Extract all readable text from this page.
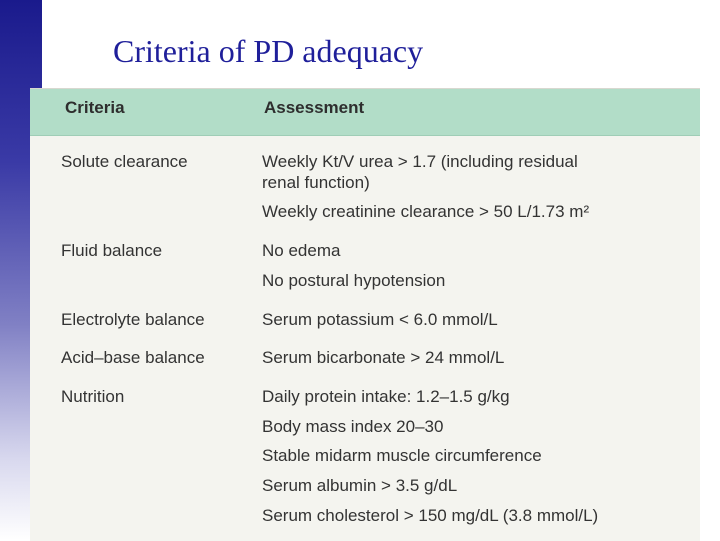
Criteria of PD adequacy
Criteria	Assessment
Solute clearance	Weekly Kt/V urea > 1.7 (including residual
renal function)
Weekly creatinine clearance > 50 L/1.73 m²
Fluid balance	No edema
No postural hypotension
Electrolyte balance	Serum potassium < 6.0 mmol/L
Acid–base balance	Serum bicarbonate > 24 mmol/L
Nutrition	Daily protein intake: 1.2–1.5 g/kg
Body mass index 20–30
Stable midarm muscle circumference
Serum albumin > 3.5 g/dL
Serum cholesterol > 150 mg/dL (3.8 mmol/L)
